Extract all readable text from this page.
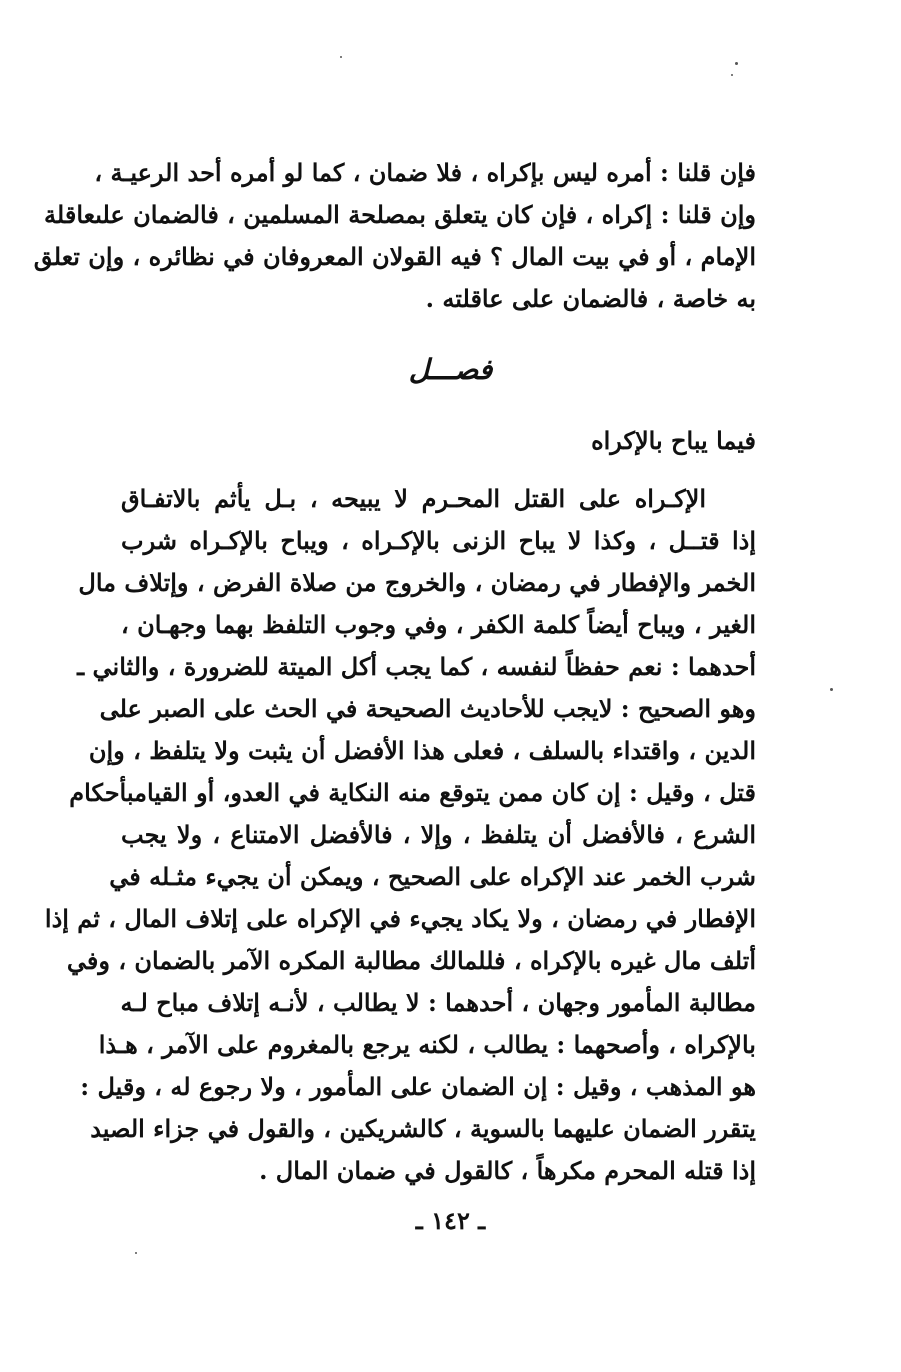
فإن قلنا : أمره ليس بإكراه ، فلا ضمان ، كما لو أمره أحد الرعيـة ،
وإن قلنا : إكراه ، فإن كان يتعلق بمصلحة المسلمين ، فالضمان علىعاقلة
الإمام ، أو في بيت المال ؟ فيه القولان المعروفان في نظائره ، وإن تعلق
به خاصة ، فالضمان على عاقلته .
فصـــل
فيما يباح بالإكراه
الإكـراه على القتل المحـرم لا يبيحه ، بـل يأثم بالاتفـاق
إذا قتــل ، وكذا لا يباح الزنى بالإكـراه ، ويباح بالإكـراه شرب
الخمر والإفطار في رمضان ، والخروج من صلاة الفرض ، وإتلاف مال
الغير ، ويباح أيضاً كلمة الكفر ، وفي وجوب التلفظ بهما وجهـان ،
أحدهما : نعم حفظاً لنفسه ، كما يجب أكل الميتة للضرورة ، والثاني ـ
وهو الصحيح : لايجب للأحاديث الصحيحة في الحث على الصبر على
الدين ، واقتداء بالسلف ، فعلى هذا الأفضل أن يثبت ولا يتلفظ ، وإن
قتل ، وقيل : إن كان ممن يتوقع منه النكاية في العدو، أو القيامبأحكام
الشرع ، فالأفضل أن يتلفظ ، وإلا ، فالأفضل الامتناع ، ولا يجب
شرب الخمر عند الإكراه على الصحيح ، ويمكن أن يجيء مثـله في
الإفطار في رمضان ، ولا يكاد يجيء في الإكراه على إتلاف المال ، ثم إذا
أتلف مال غيره بالإكراه ، فللمالك مطالبة المكره الآمر بالضمان ، وفي
مطالبة المأمور وجهان ، أحدهما : لا يطالب ، لأنـه إتلاف مباح لـه
بالإكراه ، وأصحهما : يطالب ، لكنه يرجع بالمغروم على الآمر ، هـذا
هو المذهب ، وقيل : إن الضمان على المأمور ، ولا رجوع له ، وقيل :
يتقرر الضمان عليهما بالسوية ، كالشريكين ، والقول في جزاء الصيد
إذا قتله المحرم مكرهاً ، كالقول في ضمان المال .
ـ ١٤٢ ـ
